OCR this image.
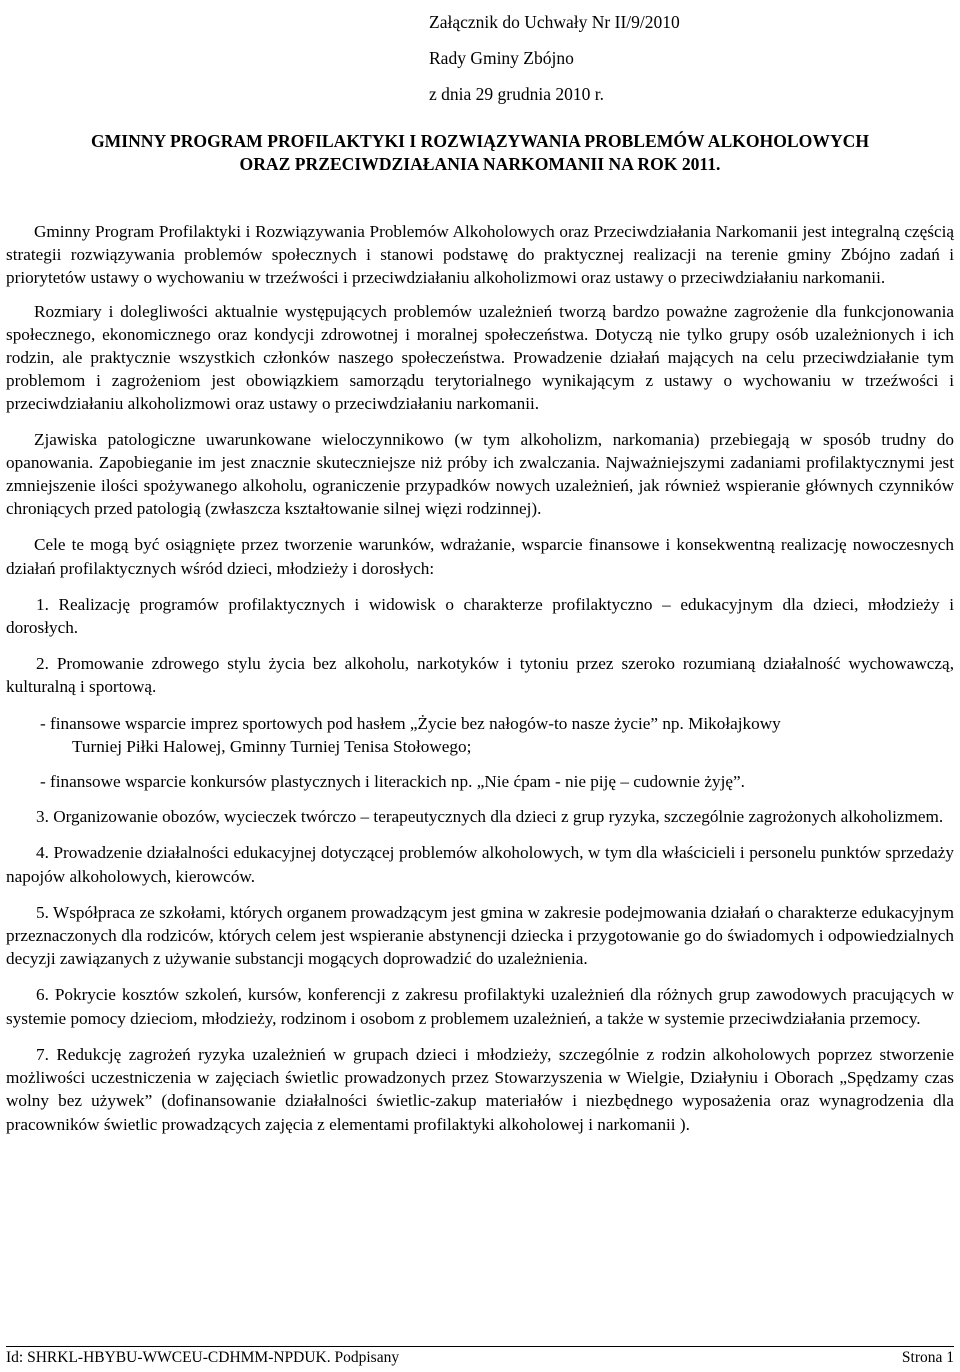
Załącznik do Uchwały Nr II/9/2010
Rady Gminy Zbójno
z dnia 29 grudnia 2010 r.
GMINNY PROGRAM PROFILAKTYKI I ROZWIĄZYWANIA PROBLEMÓW ALKOHOLOWYCH
ORAZ PRZECIWDZIAŁANIA NARKOMANII NA ROK 2011.

Gminny Program Profilaktyki i Rozwiązywania Problemów Alkoholowych oraz Przeciwdziałania Narkomanii jest integralną częścią strategii rozwiązywania problemów społecznych i stanowi podstawę do praktycznej realizacji na terenie gminy Zbójno zadań i priorytetów ustawy o wychowaniu w trzeźwości i przeciwdziałaniu alkoholizmowi oraz ustawy o przeciwdziałaniu narkomanii.

Rozmiary i dolegliwości aktualnie występujących problemów uzależnień tworzą bardzo poważne zagrożenie dla funkcjonowania społecznego, ekonomicznego oraz kondycji zdrowotnej i moralnej społeczeństwa. Dotyczą nie tylko grupy osób uzależnionych i ich rodzin, ale praktycznie wszystkich członków naszego społeczeństwa. Prowadzenie działań mających na celu przeciwdziałanie tym problemom i zagrożeniom jest obowiązkiem samorządu terytorialnego wynikającym z ustawy o wychowaniu w trzeźwości i przeciwdziałaniu alkoholizmowi oraz ustawy o przeciwdziałaniu narkomanii.

Zjawiska patologiczne uwarunkowane wieloczynnikowo (w tym alkoholizm, narkomania) przebiegają w sposób trudny do opanowania. Zapobieganie im jest znacznie skuteczniejsze niż próby ich zwalczania. Najważniejszymi zadaniami profilaktycznymi jest zmniejszenie ilości spożywanego alkoholu, ograniczenie przypadków nowych uzależnień, jak również wspieranie głównych czynników chroniących przed patologią (zwłaszcza kształtowanie silnej więzi rodzinnej).

Cele te mogą być osiągnięte przez tworzenie warunków, wdrażanie, wsparcie finansowe i konsekwentną realizację nowoczesnych działań profilaktycznych wśród dzieci, młodzieży i dorosłych:

1. Realizację programów profilaktycznych i widowisk o charakterze profilaktyczno – edukacyjnym dla dzieci, młodzieży i dorosłych.

2. Promowanie zdrowego stylu życia bez alkoholu, narkotyków i tytoniu przez szeroko rozumianą działalność wychowawczą, kulturalną i sportową.

- finansowe wsparcie imprez sportowych pod hasłem „Życie bez nałogów-to nasze życie” np. Mikołajkowy

Turniej Piłki Halowej, Gminny Turniej Tenisa Stołowego;

- finansowe wsparcie konkursów plastycznych i literackich np. „Nie ćpam - nie piję – cudownie żyję”.

3. Organizowanie obozów, wycieczek twórczo – terapeutycznych dla dzieci z grup ryzyka, szczególnie zagrożonych alkoholizmem.

4. Prowadzenie działalności edukacyjnej dotyczącej problemów alkoholowych, w tym dla właścicieli i personelu punktów sprzedaży napojów alkoholowych, kierowców.

5. Współpraca ze szkołami, których organem prowadzącym jest gmina w zakresie podejmowania działań o charakterze edukacyjnym przeznaczonych dla rodziców, których celem jest wspieranie abstynencji dziecka i przygotowanie go do świadomych i odpowiedzialnych decyzji zawiązanych z używanie substancji mogących doprowadzić do uzależnienia.

6. Pokrycie kosztów szkoleń, kursów, konferencji z zakresu profilaktyki uzależnień dla różnych grup zawodowych pracujących w systemie pomocy dzieciom, młodzieży, rodzinom i osobom z problemem uzależnień, a także w systemie przeciwdziałania przemocy.

7. Redukcję zagrożeń ryzyka uzależnień w grupach dzieci i młodzieży, szczególnie z rodzin alkoholowych poprzez stworzenie możliwości uczestniczenia w zajęciach świetlic prowadzonych przez Stowarzyszenia w Wielgie, Działyniu i Oborach „Spędzamy czas wolny bez używek” (dofinansowanie działalności świetlic-zakup materiałów i niezbędnego wyposażenia oraz wynagrodzenia dla pracowników świetlic prowadzących zajęcia z elementami profilaktyki alkoholowej i narkomanii ).

Id: SHRKL-HBYBU-WWCEU-CDHMM-NPDUK. Podpisany	Strona 1
